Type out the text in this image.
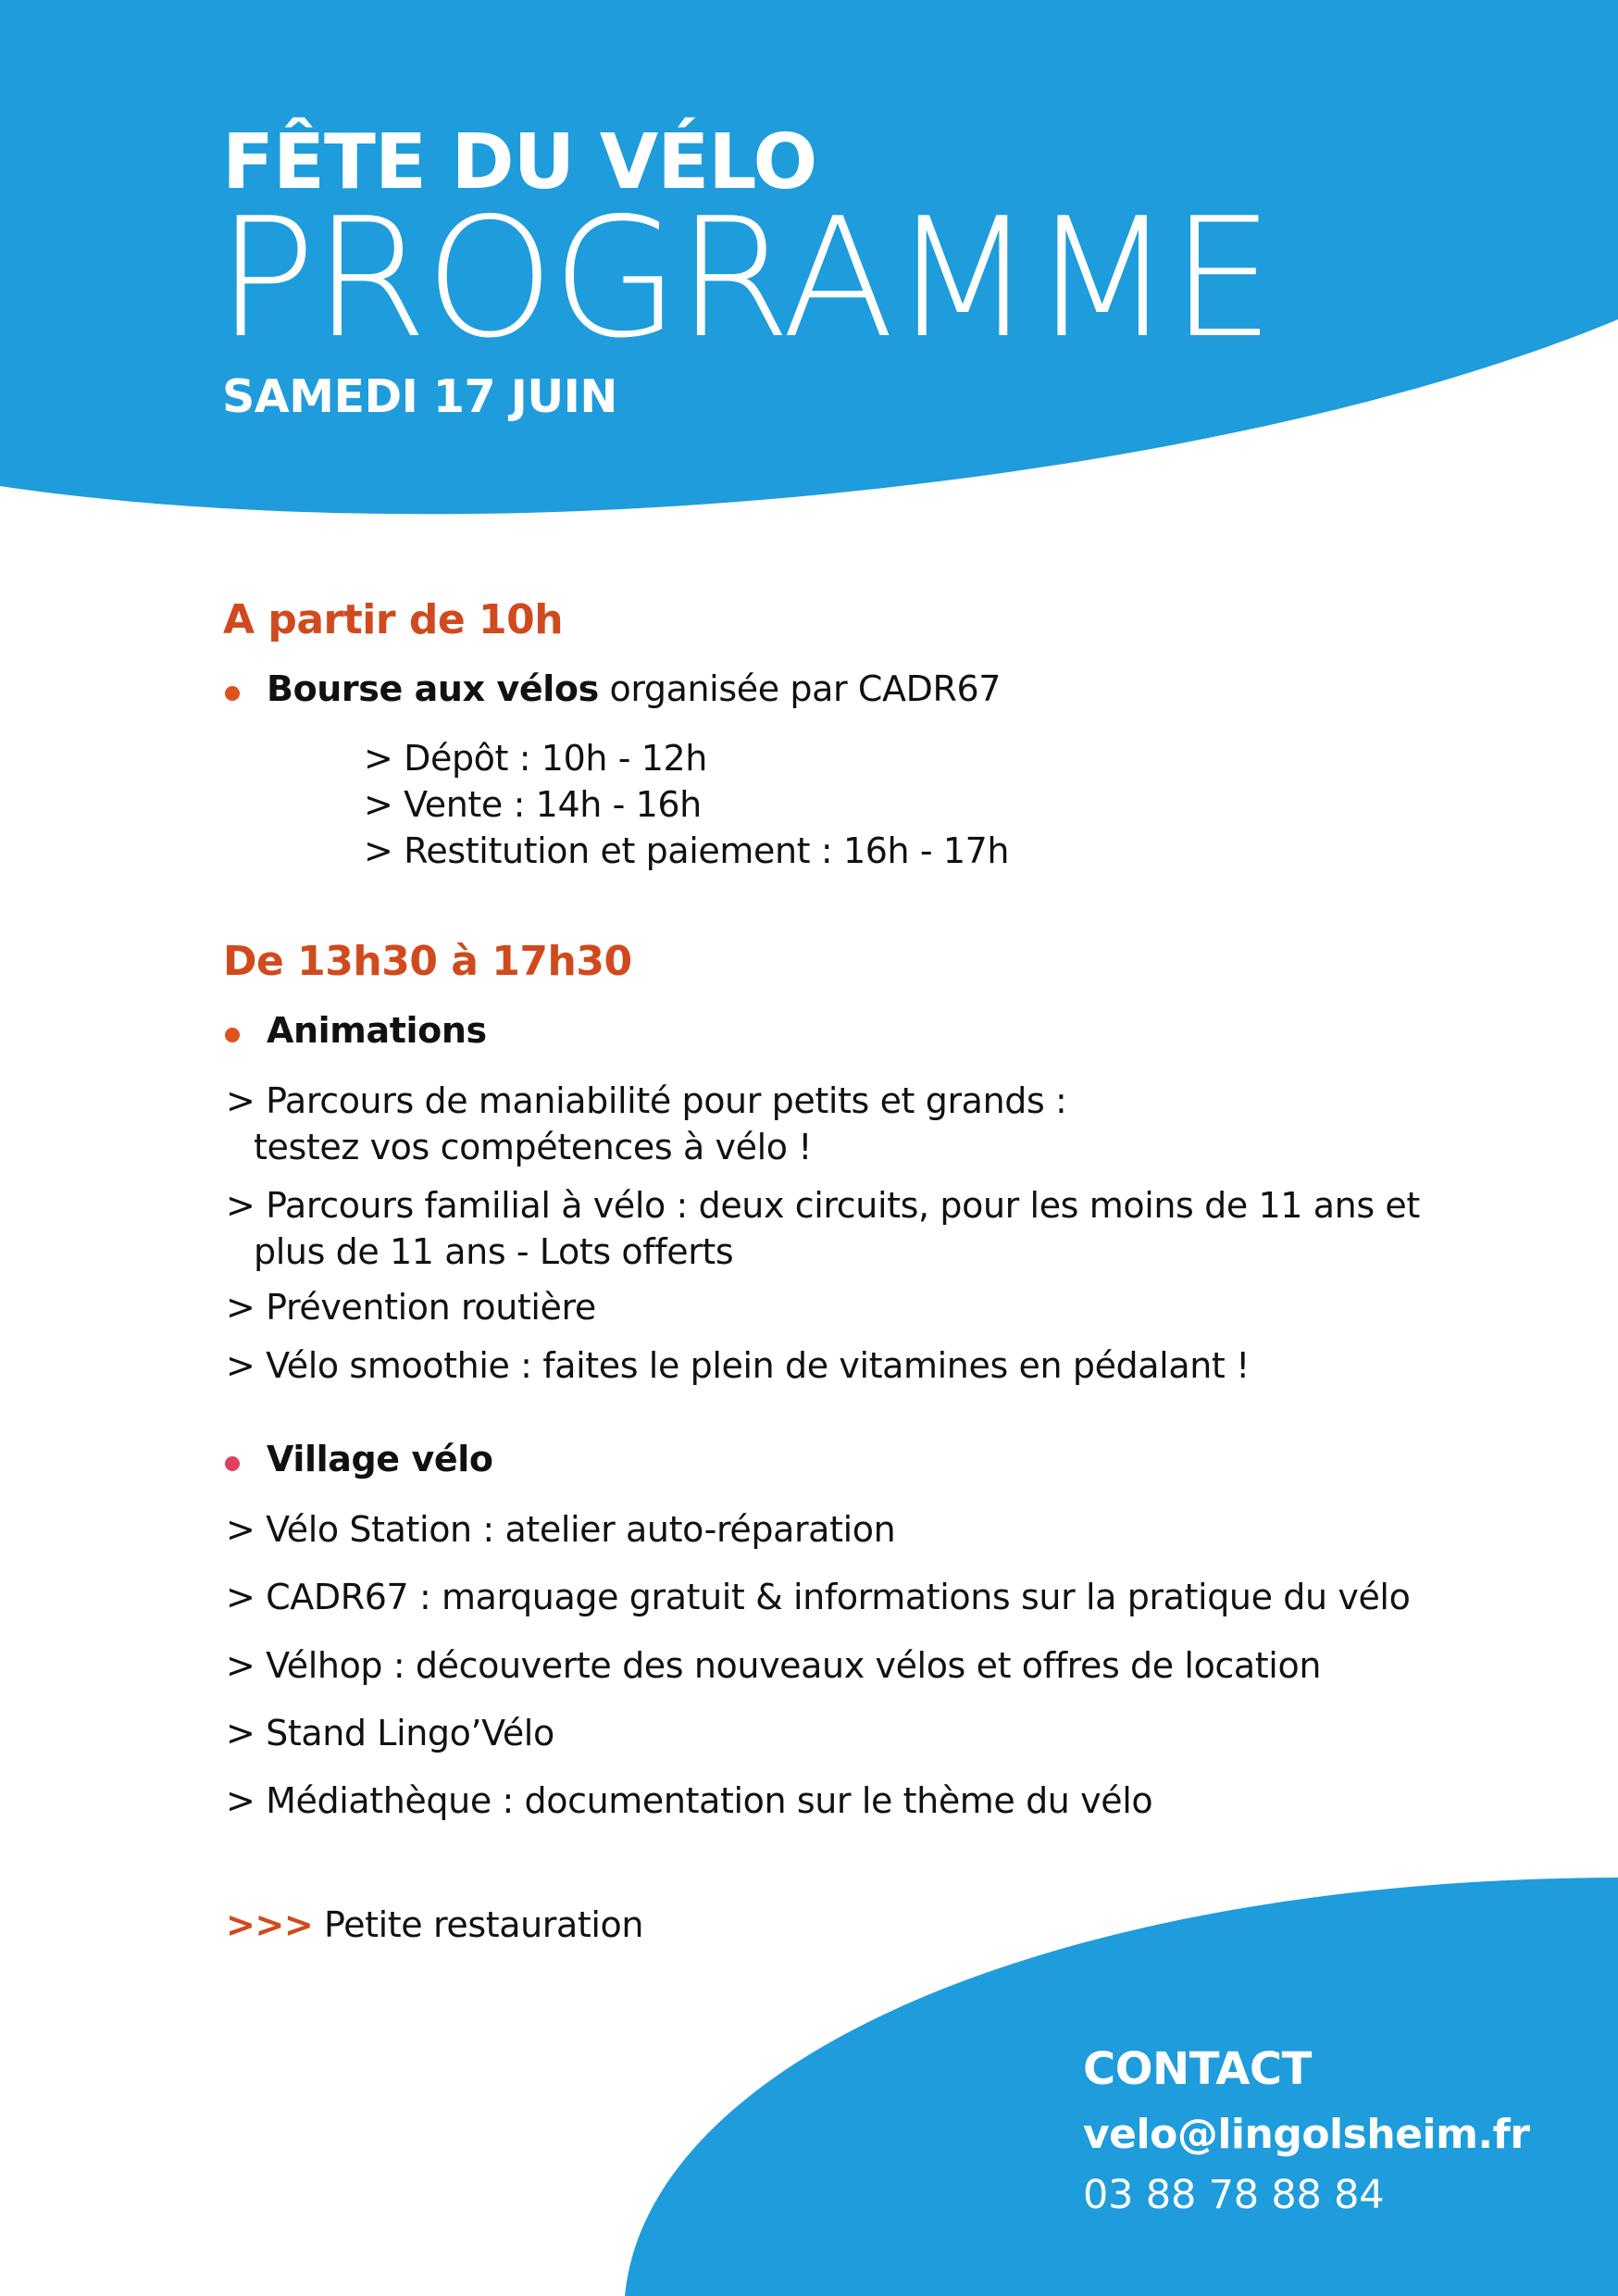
FÊTE DU VÉLO
PROGRAMME
SAMEDI 17 JUIN
A partir de 10h
Bourse aux vélos organisée par CADR67
> Dépôt : 10h - 12h
> Vente : 14h - 16h
> Restitution et paiement : 16h - 17h
De 13h30 à 17h30
Animations
> Parcours de maniabilité pour petits et grands :
testez vos compétences à vélo !
> Parcours familial à vélo : deux circuits, pour les moins de 11 ans et
plus de 11 ans - Lots offerts
> Prévention routière
> Vélo smoothie : faites le plein de vitamines en pédalant !
Village vélo
> Vélo Station : atelier auto-réparation
> CADR67 : marquage gratuit & informations sur la pratique du vélo
> Vélhop : découverte des nouveaux vélos et offres de location
> Stand Lingo’Vélo
> Médiathèque : documentation sur le thème du vélo
>>> Petite restauration
CONTACT
velo@lingolsheim.fr
03 88 78 88 84
